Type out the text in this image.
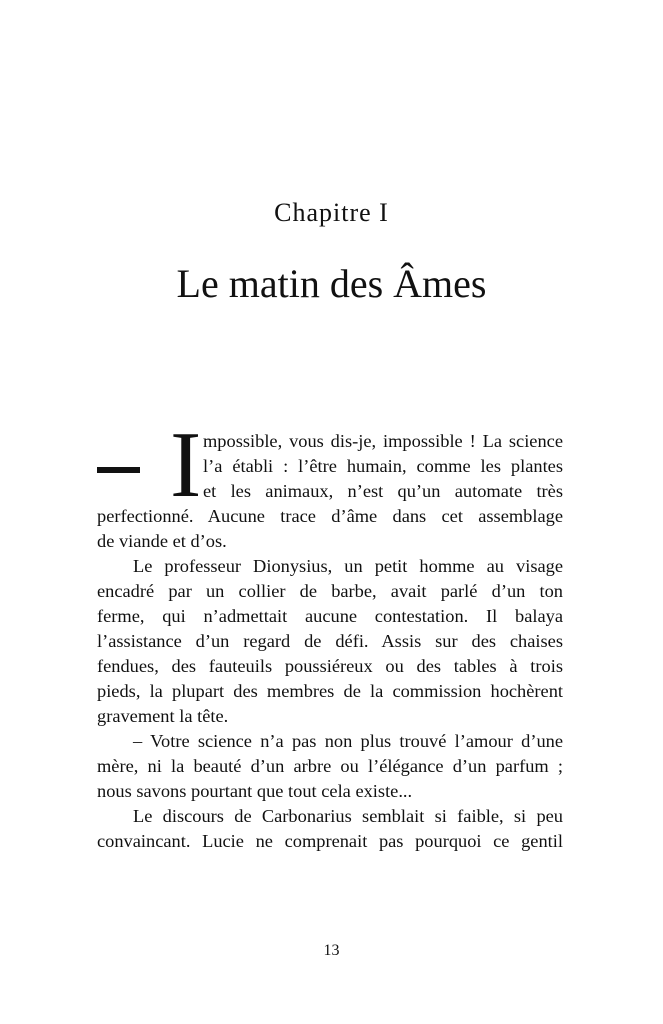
Chapitre I
Le matin des Âmes
I mpossible, vous dis-je, impossible ! La science
l’a établi : l’être humain, comme les plantes
et les animaux, n’est qu’un automate très
perfectionné. Aucune trace d’âme dans cet assemblage
de viande et d’os.
Le professeur Dionysius, un petit homme au visage
encadré par un collier de barbe, avait parlé d’un ton
ferme, qui n’admettait aucune contestation. Il balaya
l’assistance d’un regard de défi. Assis sur des chaises
fendues, des fauteuils poussiéreux ou des tables à trois
pieds, la plupart des membres de la commission hochèrent
gravement la tête.
– Votre science n’a pas non plus trouvé l’amour d’une
mère, ni la beauté d’un arbre ou l’élégance d’un parfum ;
nous savons pourtant que tout cela existe...
Le discours de Carbonarius semblait si faible, si peu
convaincant. Lucie ne comprenait pas pourquoi ce gentil
13
